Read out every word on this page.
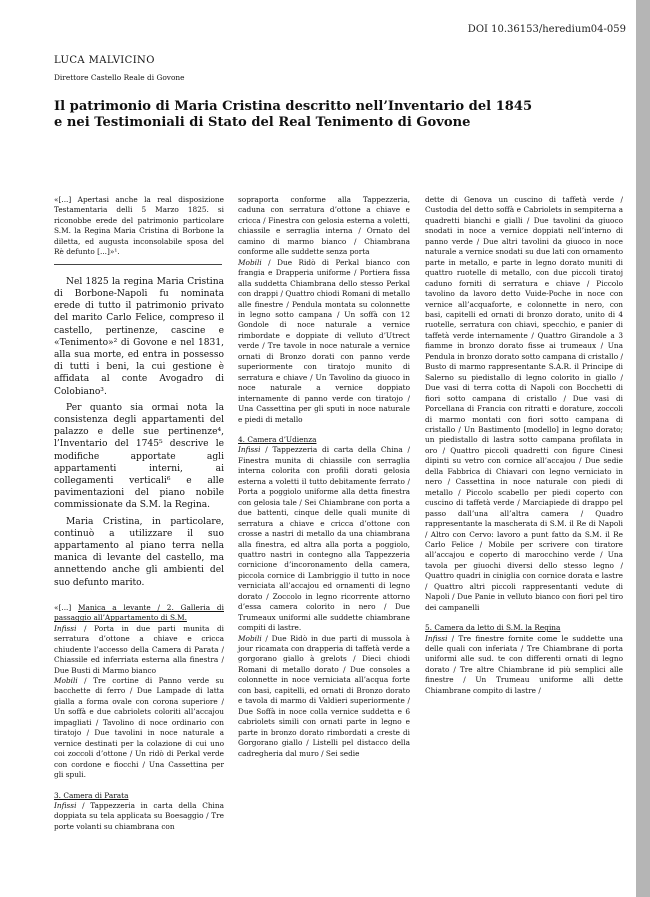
DOI 10.36153/heredium04-059
LUCA MALVICINO
Direttore Castello Reale di Govone
Il patrimonio di Maria Cristina descritto nell’Inventario del 1845
e nei Testimoniali di Stato del Real Tenimento di Govone

«[...] Apertasi anche la real disposizione Testamentaria delli 5 Marzo 1825. si riconobbe erede del patrimonio particolare S.M. la Regina Maria Cristina di Borbone la diletta, ed augusta inconsolabile sposa del Rè defunto [...]»¹.

Nel 1825 la regina Maria Cristina di Borbone-Napoli fu nominata erede di tutto il patrimonio privato del marito Carlo Felice, compreso il castello, pertinenze, cascine e «Tenimento»² di Govone e nel 1831, alla sua morte, ed entra in possesso di tutti i beni, la cui gestione è affidata al conte Avogadro di Colobiano³.

Per quanto sia ormai nota la consistenza degli appartamenti del palazzo e delle sue pertinenze⁴, l’Inventario del 1745⁵ descrive le modifiche apportate agli appartamenti interni, ai collegamenti verticali⁶ e alle pavimentazioni del piano nobile commissionate da S.M. la Regina.

Maria Cristina, in particolare, continuò a utilizzare il suo appartamento al piano terra nella manica di levante del castello, ma annettendo anche gli ambienti del suo defunto marito.

«[...] Manica a levante / 2. Galleria di passaggio all’Appartamento di S.M.
Infissi / Porta in due parti munita di serratura d’ottone a chiave e cricca chiudente l’accesso della Camera di Parata / Chiassile ed inferriata esterna alla finestra / Due Busti di Marmo bianco
Mobili / Tre cortine di Panno verde su bacchette di ferro / Due Lampade di latta gialla a forma ovale con corona superiore / Un soffà e due cabriolets coloriti all’accajou impagliati / Tavolino di noce ordinario con tiratojo / Due tavolini in noce naturale a vernice destinati per la colazione di cui uno coi zoccoli d’ottone / Un ridò di Perkal verde con cordone e fiocchi / Una Cassettina per gli spuli.

3. Camera di Parata
Infissi / Tappezzeria in carta della China doppiata su tela applicata su Boesaggio / Tre porte volanti su chiambrana con

sopraporta conforme alla Tappezzeria, caduna con serratura d’ottone a chiave e cricca / Finestra con gelosia esterna a voletti, chiassile e serraglia interna / Ornato del camino di marmo bianco / Chiambrana conforme alle suddette senza porta
Mobili / Due Ridò di Perkal bianco con frangia e Drapperia uniforme / Portiera fissa alla suddetta Chiambrana dello stesso Perkal con drappi / Quattro chiodi Romani di metallo alle finestre / Pendula montata su colonnette in legno sotto campana / Un soffà con 12 Gondole di noce naturale a vernice rimbordate e doppiate di velluto d’Utrect verde / Tre tavole in noce naturale a vernice ornati di Bronzo dorati con panno verde superiormente con tiratojo munito di serratura e chiave / Un Tavolino da giuoco in noce naturale a vernice doppiato internamente di panno verde con tiratojo / Una Cassettina per gli sputi in noce naturale e piedi di metallo

4. Camera d’Udienza
Infissi / Tappezzeria di carta della China / Finestra munita di chiassile con serraglia interna colorita con profili dorati gelosia esterna a voletti il tutto debitamente ferrato / Porta a poggiolo uniforme alla detta finestra con gelosia tale / Sei Chiambrane con porta a due battenti, cinque delle quali munite di serratura a chiave e cricca d’ottone con crosse a nastri di metallo da una chiambrana alla finestra, ed altra alla porta a poggiolo, quattro nastri in contegno alla Tappezzeria cornicione d’incoronamento della camera, piccola cornice di Lambriggio il tutto in noce verniciata all’accajou ed ornamenti di legno dorato / Zoccolo in legno ricorrente attorno d’essa camera colorito in nero / Due Trumeaux uniformi alle suddette chiambrane compiti di lastre.
Mobili / Due Ridò in due parti di mussola à jour ricamata con drapperia di taffetà verde a gorgorano giallo à grelots / Dieci chiodi Romani di metallo dorato / Due consoles a colonnette in noce verniciata all’acqua forte con basi, capitelli, ed ornati di Bronzo dorato e tavola di marmo di Valdieri superiormente / Due Soffà in noce colla vernice suddetta e 6 cabriolets simili con ornati parte in legno e parte in bronzo dorato rimbordati a creste di Gorgorano giallo / Listelli pel distacco della cadregheria dal muro / Sei sedie

dette di Genova un cuscino di taffetà verde / Custodia del detto soffà e Cabriolets in sempiterna a quadretti bianchi e gialli / Due tavolini da giuoco snodati in noce a vernice doppiati nell’interno di panno verde / Due altri tavolini da giuoco in noce naturale a vernice snodati su due lati con ornamento parte in metallo, e parte in legno dorato muniti di quattro ruotelle di metallo, con due piccoli tiratoj caduno forniti di serratura e chiave / Piccolo tavolino da lavoro detto Vuide-Poche in noce con vernice all’acquaforte, e colonnette in nero, con basi, capitelli ed ornati di bronzo dorato, unito di 4 ruotelle, serratura con chiavi, specchio, e panier di taffetà verde internamente / Quattro Girandole a 3 fiamme in bronzo dorato fisse ai trumeaux / Una Pendula in bronzo dorato sotto campana di cristallo / Busto di marmo rappresentante S.A.R. il Principe di Salerno su piedistallo di legno colorito in giallo / Due vasi di terra cotta di Napoli con Bocchetti di fiori sotto campana di cristallo / Due vasi di Porcellana di Francia con ritratti e dorature, zoccoli di marmo montati con fiori sotto campana di cristallo / Un Bastimento [modello] in legno dorato; un piedistallo di lastra sotto campana profilata in oro / Quattro piccoli quadretti con figure Cinesi dipinti su vetro con cornice all’accajou / Due sedie della Fabbrica di Chiavari con legno verniciato in nero / Cassettina in noce naturale con piedi di metallo / Piccolo scabello per piedi coperto con cuscino di taffetà verde / Marciapiede di drappo pel passo dall’una all’altra camera / Quadro rappresentante la mascherata di S.M. il Re di Napoli / Altro con Cervo: lavoro a punt fatto da S.M. il Re Carlo Felice / Mobile per scrivere con tiratore all’accajou e coperto di marocchino verde / Una tavola per giuochi diversi dello stesso legno / Quattro quadri in ciniglia con cornice dorata e lastre / Quattro altri piccoli rappresentanti vedute di Napoli / Due Panie in velluto bianco con fiori pel tiro dei campanelli

5. Camera da letto di S.M. la Regina
Infissi / Tre finestre fornite come le suddette una delle quali con inferiata / Tre Chiambrane di porta uniformi alle sud. te con differenti ornati di legno dorato / Tre altre Chiambrane id più semplici alle finestre / Un Trumeau uniforme alli dette Chiambrane compito di lastre /
